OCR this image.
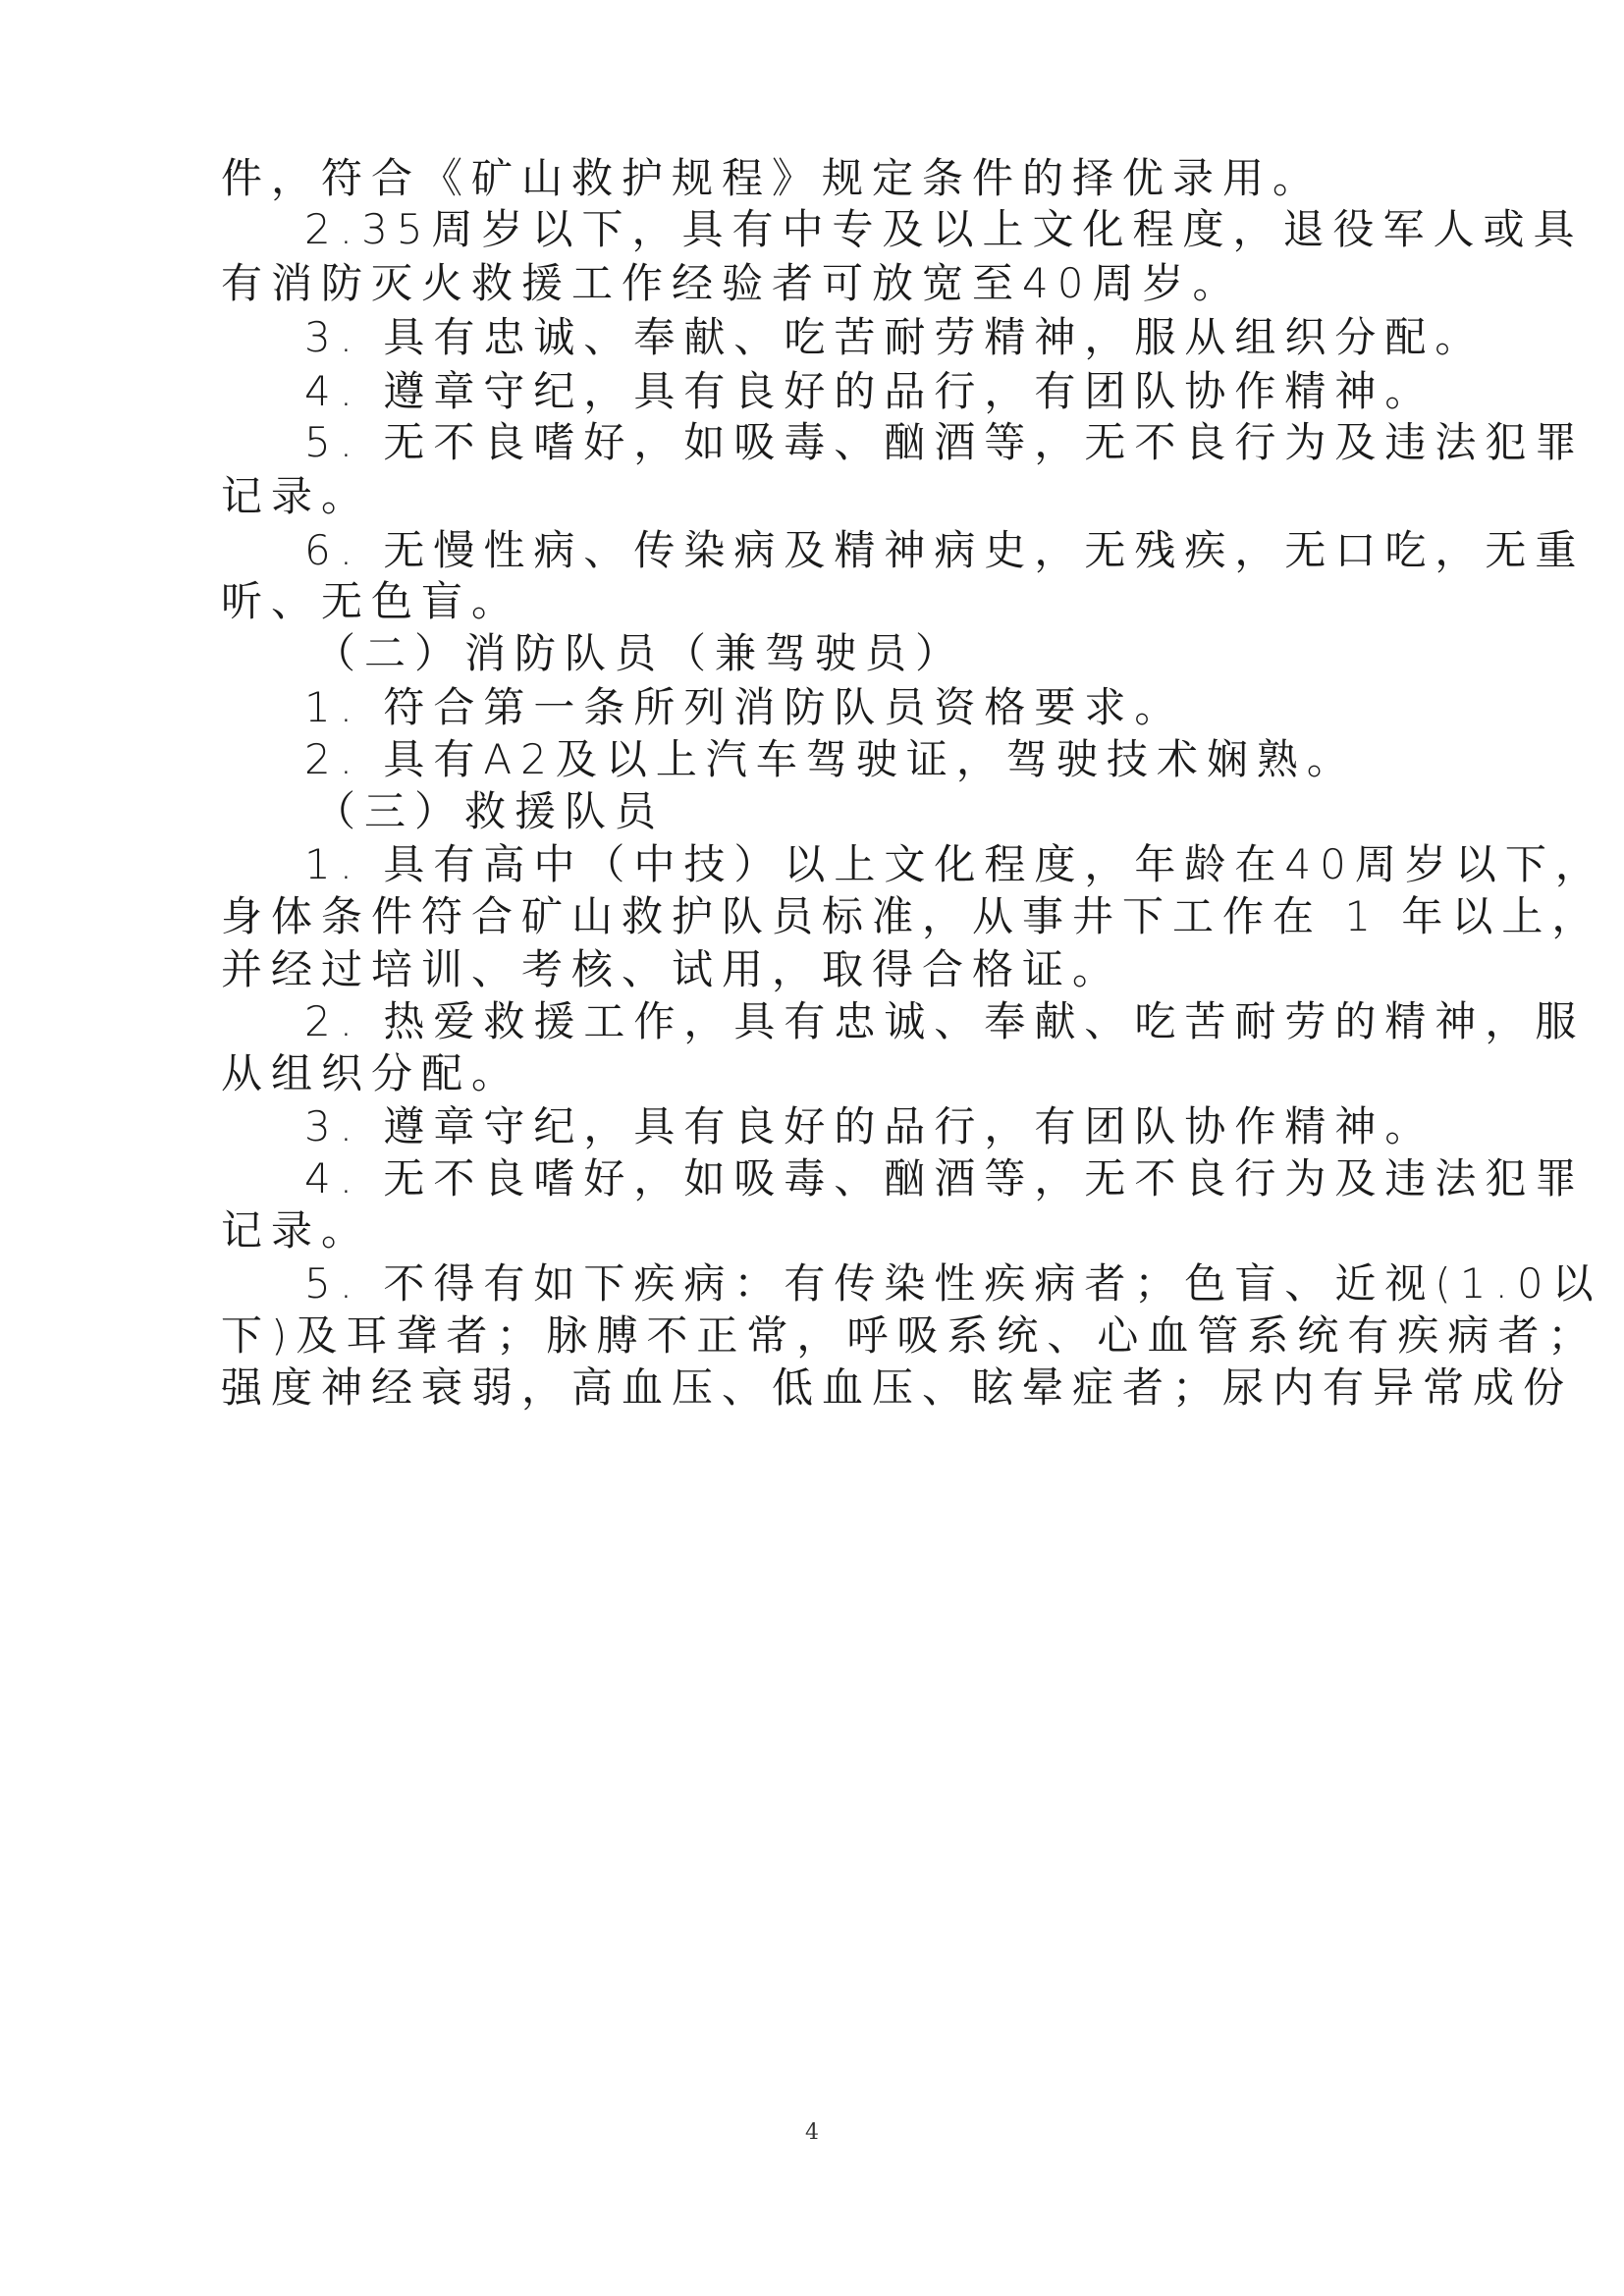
件，符合《矿山救护规程》规定条件的择优录用。
2.35周岁以下，具有中专及以上文化程度，退役军人或具
有消防灭火救援工作经验者可放宽至40周岁。
3. 具有忠诚、奉献、吃苦耐劳精神，服从组织分配。
4. 遵章守纪，具有良好的品行，有团队协作精神。
5. 无不良嗜好，如吸毒、酗酒等，无不良行为及违法犯罪
记录。
6. 无慢性病、传染病及精神病史，无残疾，无口吃，无重
听、无色盲。
（二）消防队员（兼驾驶员）
1. 符合第一条所列消防队员资格要求。
2. 具有A2及以上汽车驾驶证，驾驶技术娴熟。
（三）救援队员
1. 具有高中（中技）以上文化程度，年龄在40周岁以下，
身体条件符合矿山救护队员标准，从事井下工作在 1 年以上，
并经过培训、考核、试用，取得合格证。
2. 热爱救援工作，具有忠诚、奉献、吃苦耐劳的精神，服
从组织分配。
3. 遵章守纪，具有良好的品行，有团队协作精神。
4. 无不良嗜好，如吸毒、酗酒等，无不良行为及违法犯罪
记录。
5. 不得有如下疾病：有传染性疾病者；色盲、近视(1.0以
下)及耳聋者；脉膊不正常，呼吸系统、心血管系统有疾病者；
强度神经衰弱，高血压、低血压、眩晕症者；尿内有异常成份
4
